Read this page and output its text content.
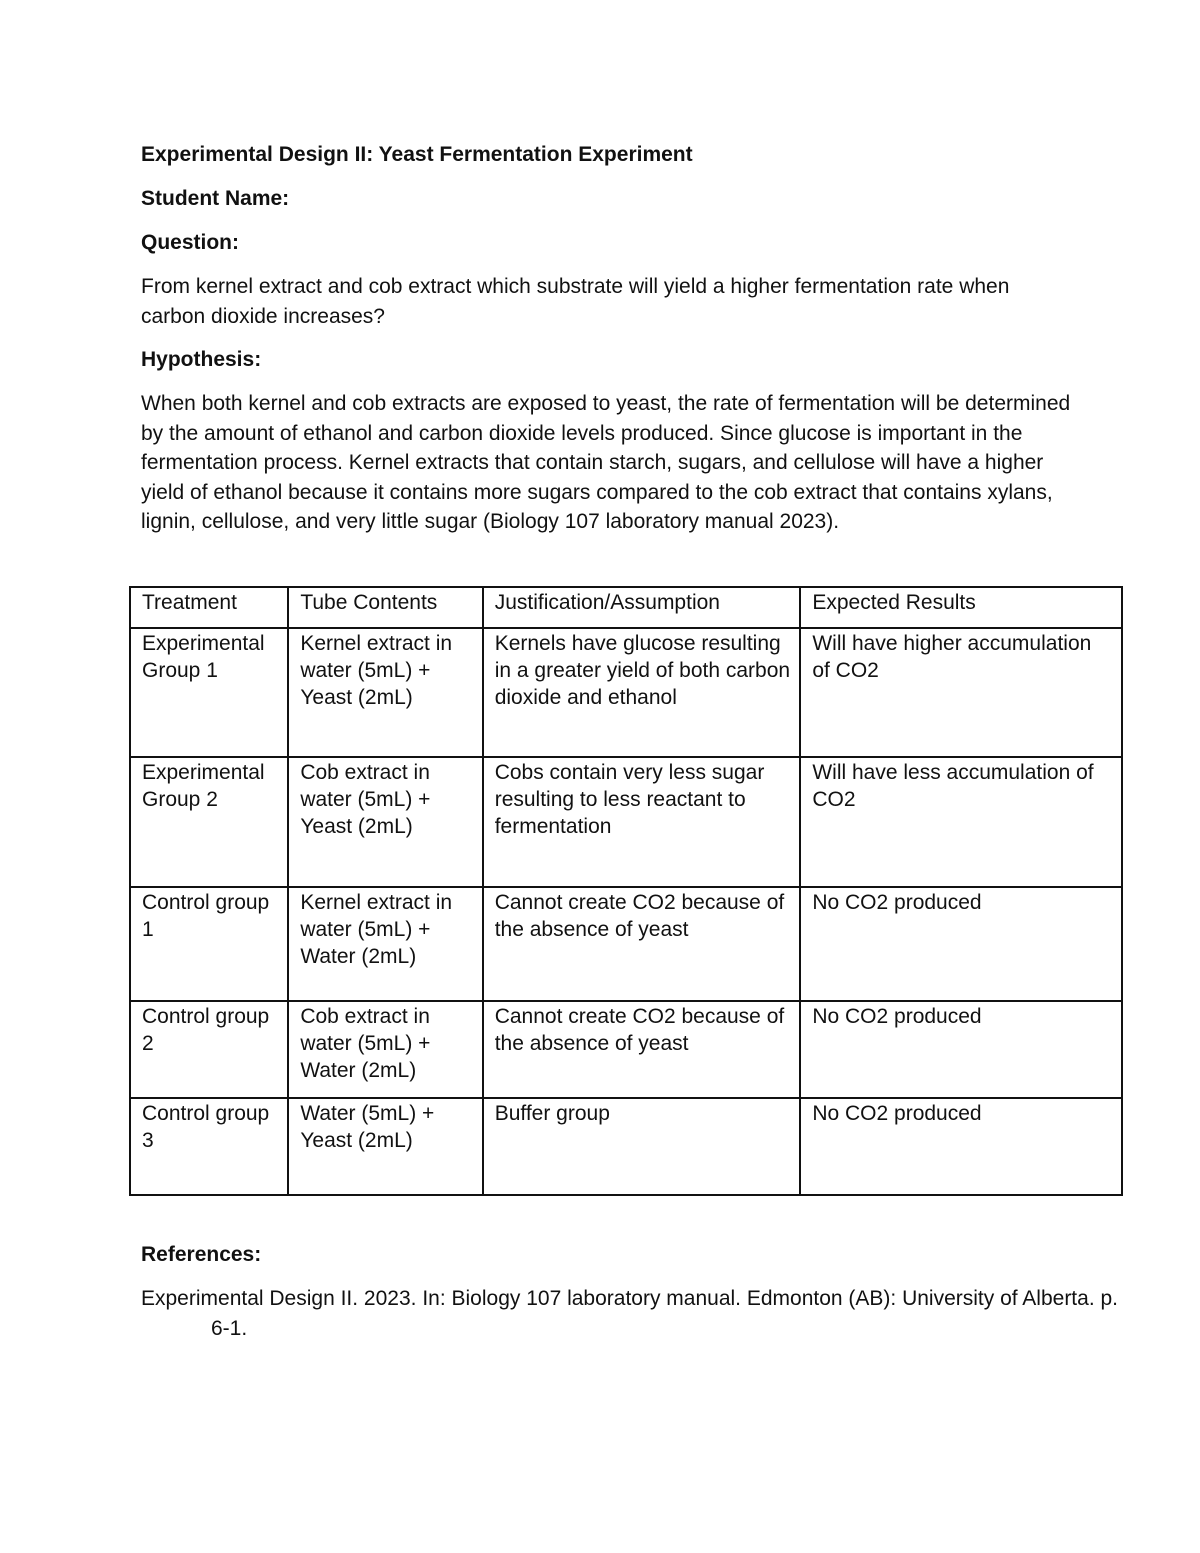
Experimental Design II: Yeast Fermentation Experiment

Student Name:

Question:

From kernel extract and cob extract which substrate will yield a higher fermentation rate when carbon dioxide increases?

Hypothesis:

When both kernel and cob extracts are exposed to yeast, the rate of fermentation will be determined by the amount of ethanol and carbon dioxide levels produced. Since glucose is important in the fermentation process. Kernel extracts that contain starch, sugars, and cellulose will have a higher yield of ethanol because it contains more sugars compared to the cob extract that contains xylans, lignin, cellulose, and very little sugar (Biology 107 laboratory manual 2023).

Treatment	Tube Contents	Justification/Assumption	Expected Results
Experimental Group 1	Kernel extract in water (5mL) + Yeast (2mL)	Kernels have glucose resulting in a greater yield of both carbon dioxide and ethanol	Will have higher accumulation of CO2
Experimental Group 2	Cob extract in water (5mL) + Yeast (2mL)	Cobs contain very less sugar resulting to less reactant to fermentation	Will have less accumulation of CO2
Control group 1	Kernel extract in water (5mL) + Water (2mL)	Cannot create CO2 because of the absence of yeast	No CO2 produced
Control group 2	Cob extract in water (5mL) + Water (2mL)	Cannot create CO2 because of the absence of yeast	No CO2 produced
Control group 3	Water (5mL) + Yeast (2mL)	Buffer group	No CO2 produced

References:

Experimental Design II. 2023. In: Biology 107 laboratory manual. Edmonton (AB): University of Alberta. p. 6-1.
